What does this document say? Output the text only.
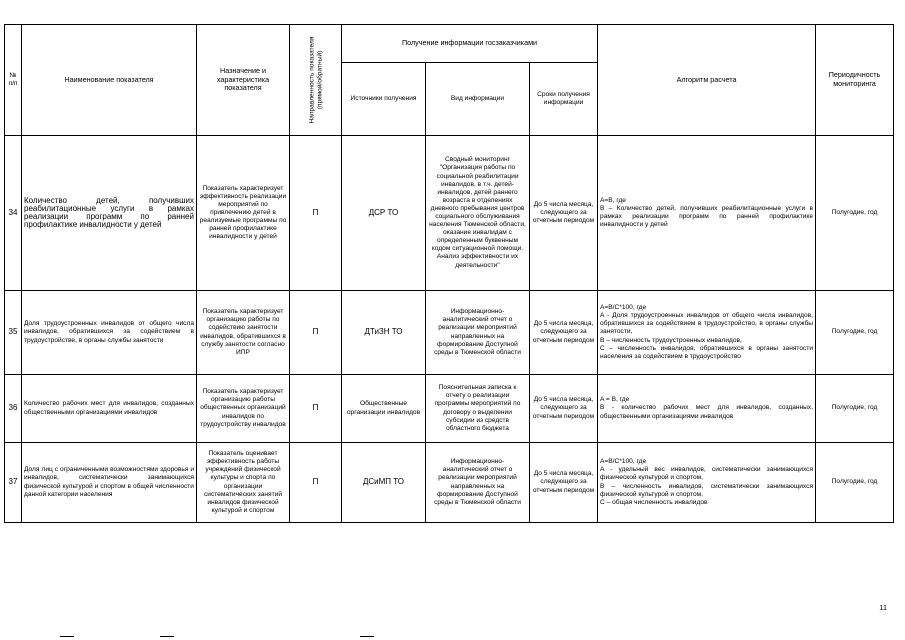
№ п/п	Наименование показателя	Назначение и характеристика показателя	Направленность показателя (прямой/обратный)	Получение информации госзаказчиками			Алгоритм расчета	Периодичность мониторинга
				Источники получения	Вид информации	Сроки получения информации		
34	Количество детей, получивших реабилитационные услуги в рамках реализации программ по ранней профилактике инвалидности у детей	Показатель характеризует эффективность реализации мероприятий по привлечению детей в реализуемые программы по ранней профилактике инвалидности у детей	П	ДСР ТО	Сводный мониторинг "Организация работы по социальной реабилитации инвалидов, в т.ч. детей-инвалидов, детей раннего возраста в отделениях дневного пребывания центров социального обслуживания населения Тюменской области, оказание инвалидам с определенным буквенным кодом ситуационной помощи. Анализ эффективности их деятельности"	До 5 числа месяца, следующего за отчетным периодом	A=B, где
B – Количество детей, получивших реабилитационные услуги в рамках реализации программ по ранней профилактике инвалидности у детей	Полугодие, год
35	Доля трудоустроенных инвалидов от общего числа инвалидов, обратившихся за содействием в трудоустройстве, в органы службы занятости	Показатель характеризует организацию работы по содействию занятости инвалидов, обратившихся в службу занятости согласно ИПР	П	ДТиЗН ТО	Информационно-аналитический отчет о реализации мероприятий направленных на формирование Доступной среды в Тюменской области	До 5 числа месяца, следующего за отчетным периодом	A=B/C*100, где
A - Доля трудоустроенных инвалидов от общего числа инвалидов, обратившихся за содействием в трудоустройство, в органы службы занятости,
B – численность трудоустроенных инвалидов,
C – численность инвалидов, обратившихся в органы занятости населения за содействием в трудоустройство	Полугодие, год
36	Количество рабочих мест для инвалидов, созданных общественными организациями инвалидов	Показатель характеризует организацию работы общественных организаций инвалидов по трудоустройству инвалидов	П	Общественные организации инвалидов	Пояснительная записка к отчету о реализации программы мероприятий по договору о выделении субсидии из средств областного бюджета	До 5 числа месяца, следующего за отчетным периодом	A = B, где
B - количество рабочих мест для инвалидов, созданных, общественными организациями инвалидов	Полугодие, год
37	Доля лиц с ограниченными возможностями здоровья и инвалидов, систематически занимающихся физической культурой и спортом в общей численности данной категории населения	Показатель оценивает эффективность работы учреждений физической культуры и спорта по организации систематических занятий инвалидов физической культурой и спортом	П	ДСиМП ТО	Информационно-аналитический отчет о реализации мероприятий направленных на формирование Доступной среды в Тюменской области	До 5 числа месяца, следующего за отчетным периодом	A=B/C*100, где
A - удельный вес инвалидов, систематически занимающихся физической культурой и спортом,
B – численность инвалидов, систематически занимающихся физической культурой и спортом,
C – общая численность инвалидов	Полугодие, год
11
